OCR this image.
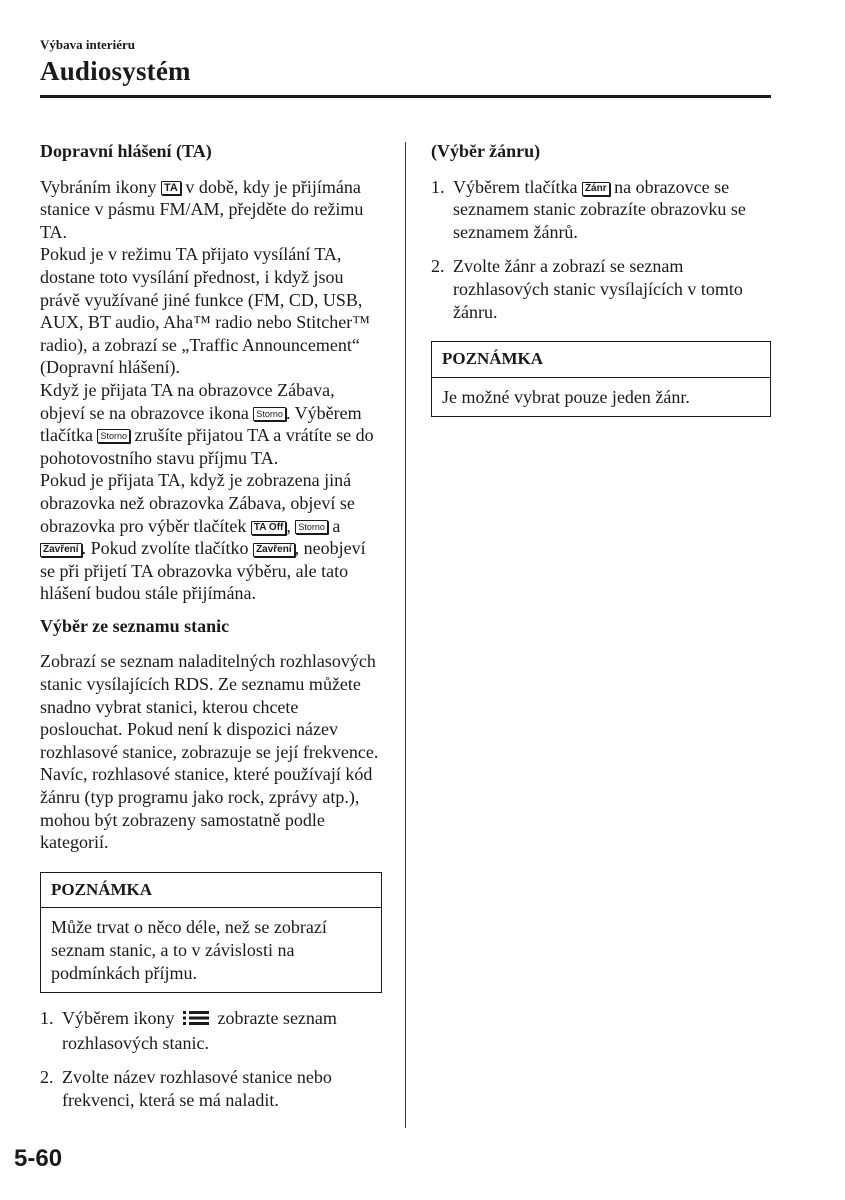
Výbava interiéru
Audiosystém

Dopravní hlášení (TA)

Vybráním ikony TA v době, kdy je přijímána stanice v pásmu FM/AM, přejděte do režimu TA.

Pokud je v režimu TA přijato vysílání TA, dostane toto vysílání přednost, i když jsou právě využívané jiné funkce (FM, CD, USB, AUX, BT audio, Aha™ radio nebo Stitcher™ radio), a zobrazí se „Traffic Announcement“ (Dopravní hlášení).

Když je přijata TA na obrazovce Zábava, objeví se na obrazovce ikona Storno . Výběrem tlačítka Storno zrušíte přijatou TA a vrátíte se do pohotovostního stavu příjmu TA.

Pokud je přijata TA, když je zobrazena jiná obrazovka než obrazovka Zábava, objeví se obrazovka pro výběr tlačítek TA Off , Storno a Zavření . Pokud zvolíte tlačítko Zavření , neobjeví se při přijetí TA obrazovka výběru, ale tato hlášení budou stále přijímána.

Výběr ze seznamu stanic

Zobrazí se seznam naladitelných rozhlasových stanic vysílajících RDS. Ze seznamu můžete snadno vybrat stanici, kterou chcete poslouchat. Pokud není k dispozici název rozhlasové stanice, zobrazuje se její frekvence. Navíc, rozhlasové stanice, které používají kód žánru (typ programu jako rock, zprávy atp.), mohou být zobrazeny samostatně podle kategorií.

POZNÁMKA
Může trvat o něco déle, než se zobrazí seznam stanic, a to v závislosti na podmínkách příjmu.
1. Výběrem ikony zobrazte seznam rozhlasových stanic.
2. Zvolte název rozhlasové stanice nebo frekvenci, která se má naladit.

(Výběr žánru)

1. Výběrem tlačítka Žánr na obrazovce se seznamem stanic zobrazíte obrazovku se seznamem žánrů.
2. Zvolte žánr a zobrazí se seznam rozhlasových stanic vysílajících v tomto žánru.
POZNÁMKA
Je možné vybrat pouze jeden žánr.
5-60
